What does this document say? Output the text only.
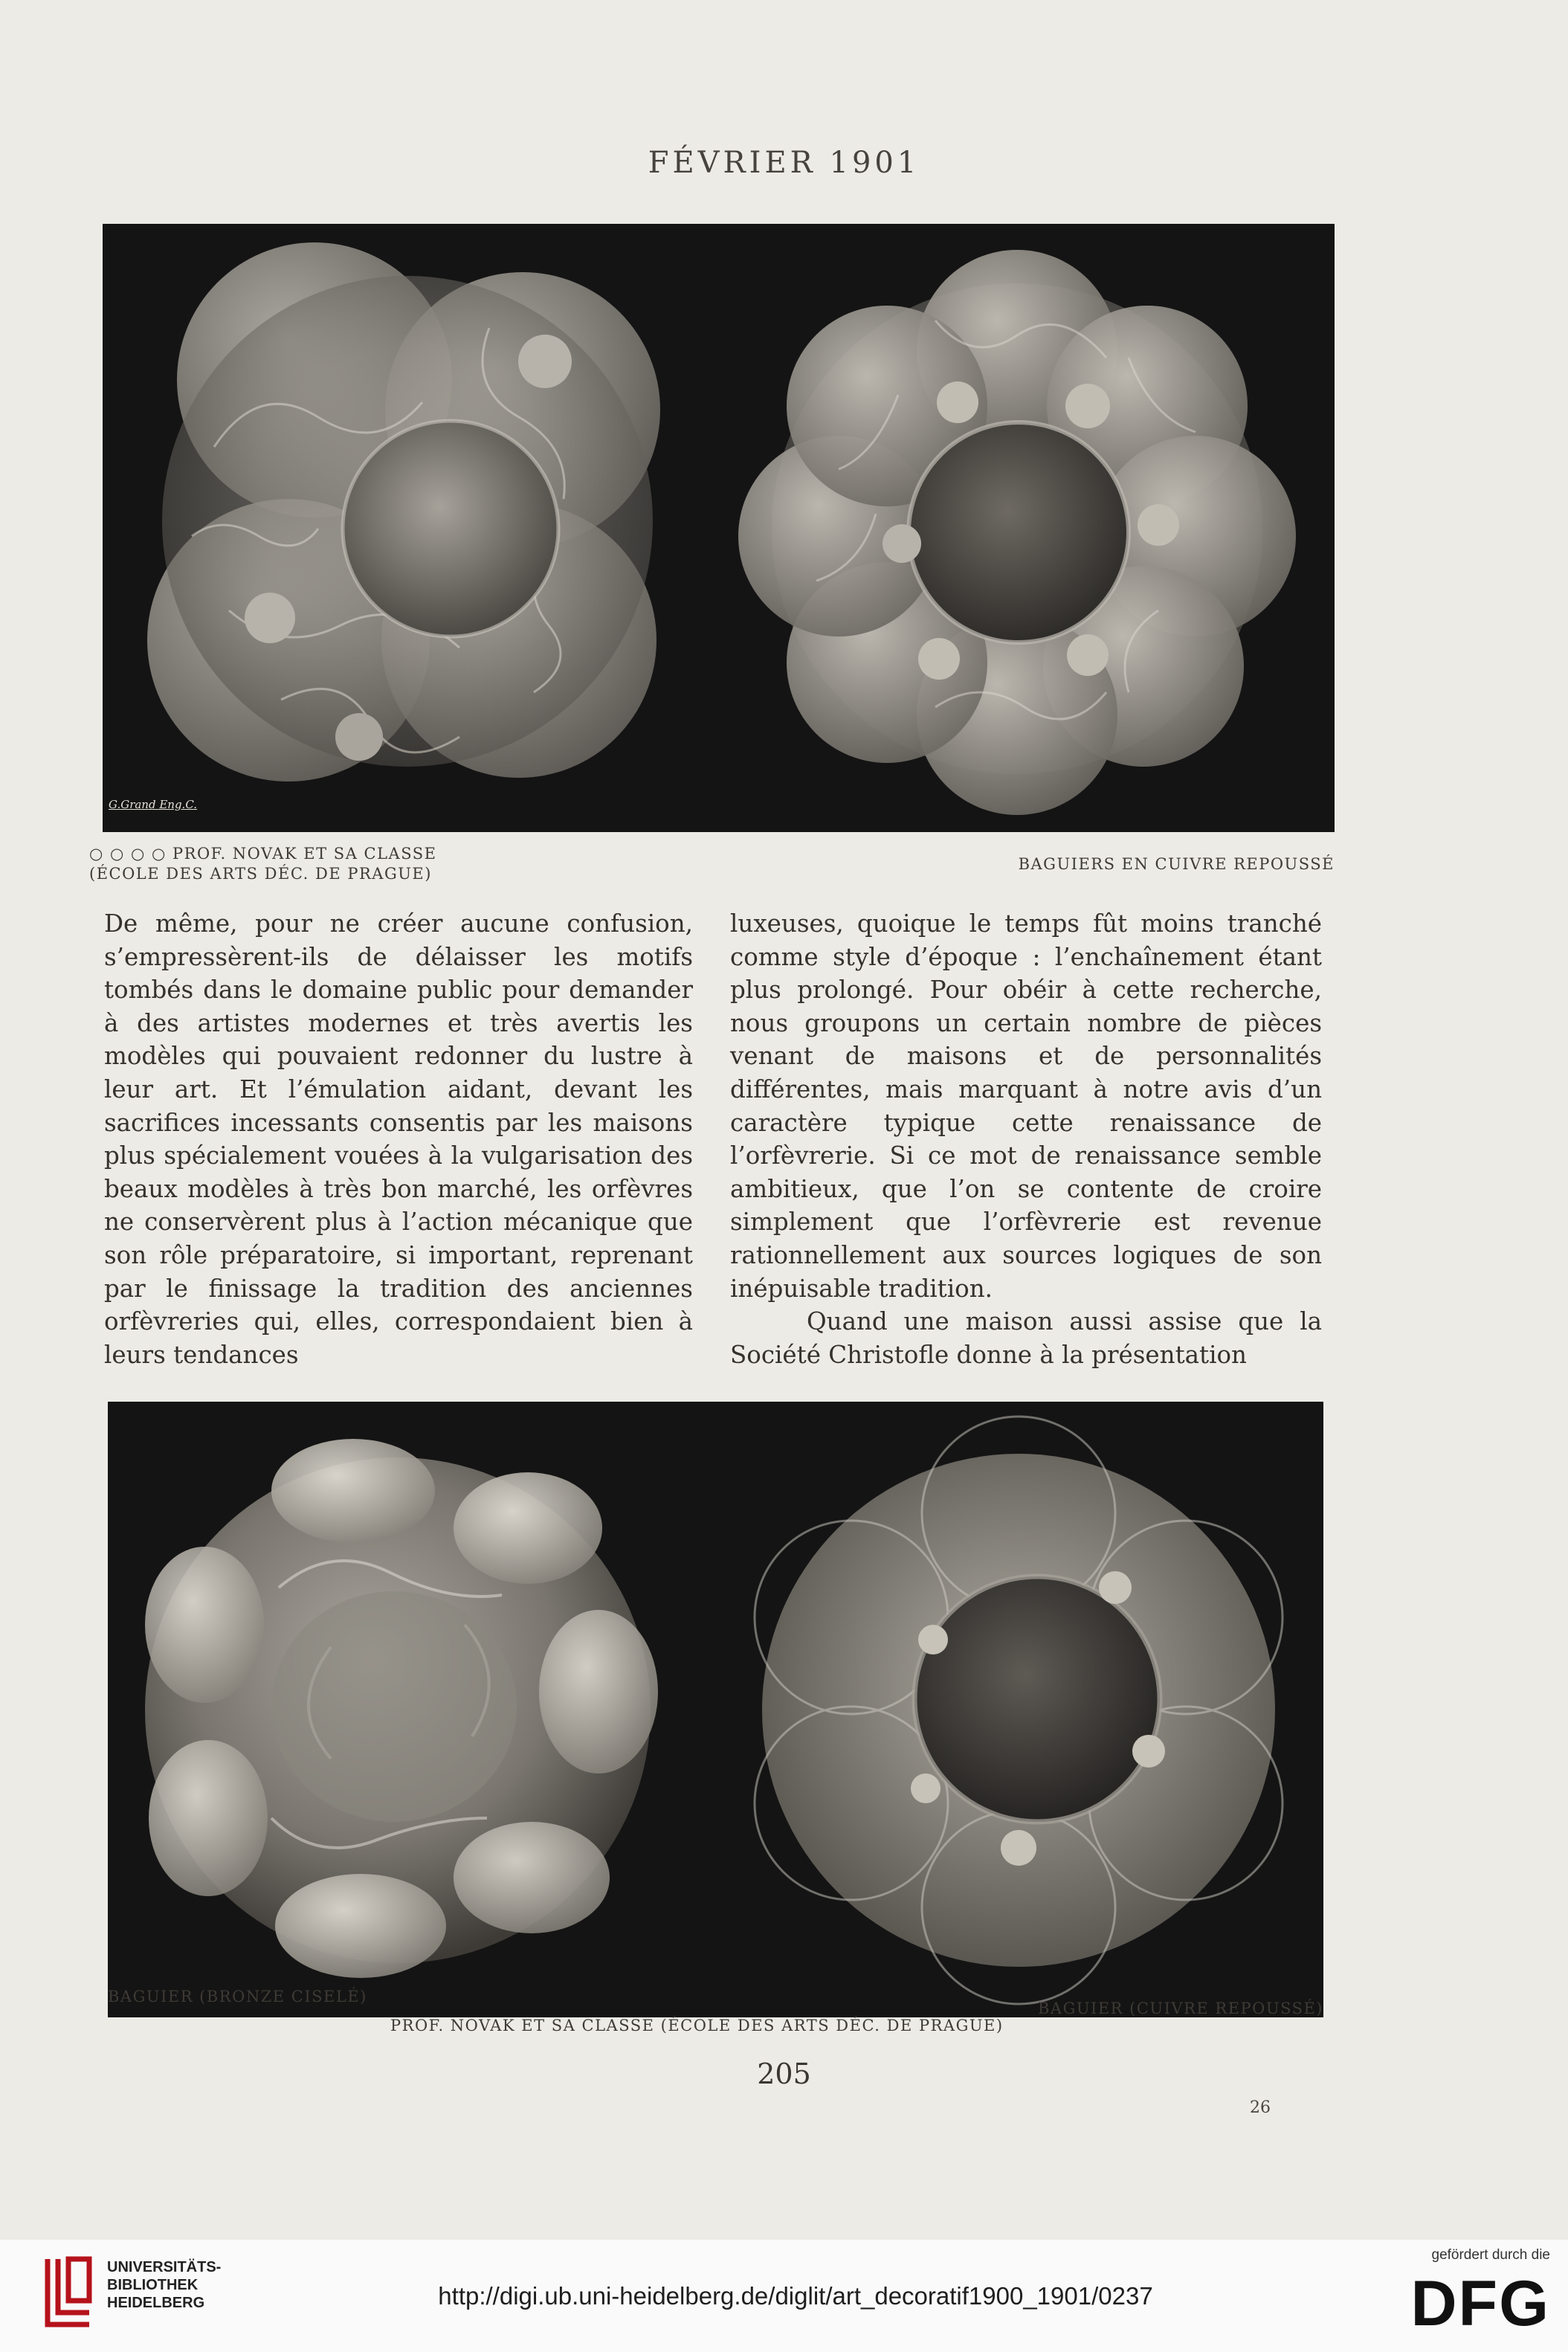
FÉVRIER 1901
G.Grand Eng.C.
○ ○ ○ ○ PROF. NOVAK ET SA CLASSE
(ÉCOLE DES ARTS DÉC. DE PRAGUE)
BAGUIERS EN CUIVRE REPOUSSÉ

De même, pour ne créer aucune confusion, s’empressèrent-ils de délaisser les motifs tombés dans le domaine public pour demander à des artistes modernes et très avertis les modèles qui pouvaient redonner du lustre à leur art. Et l’émulation aidant, devant les sacrifices incessants consentis par les maisons plus spécialement vouées à la vulgarisation des beaux modèles à très bon marché, les orfèvres ne conservèrent plus à l’action mécanique que son rôle préparatoire, si important, reprenant par le finissage la tradition des anciennes orfèvreries qui, elles, correspondaient bien à leurs tendances

luxeuses, quoique le temps fût moins tranché comme style d’époque : l’enchaînement étant plus prolongé. Pour obéir à cette recherche, nous groupons un certain nombre de pièces venant de maisons et de personnalités différentes, mais marquant à notre avis d’un caractère typique cette renaissance de l’orfèvrerie. Si ce mot de renaissance semble ambitieux, que l’on se contente de croire simplement que l’orfèvrerie est revenue rationnellement aux sources logiques de son inépuisable tradition.

Quand une maison aussi assise que la Société Christofle donne à la présentation

BAGUIER (BRONZE CISELÉ)
PROF. NOVAK ET SA CLASSE (ÉCOLE DES ARTS DÉC. DE PRAGUE)
BAGUIER (CUIVRE REPOUSSÉ)
205
26
UNIVERSITÄTS-
BIBLIOTHEK
HEIDELBERG	http://digi.ub.uni-heidelberg.de/diglit/art_decoratif1900_1901/0237
gefördert durch die
DFG
